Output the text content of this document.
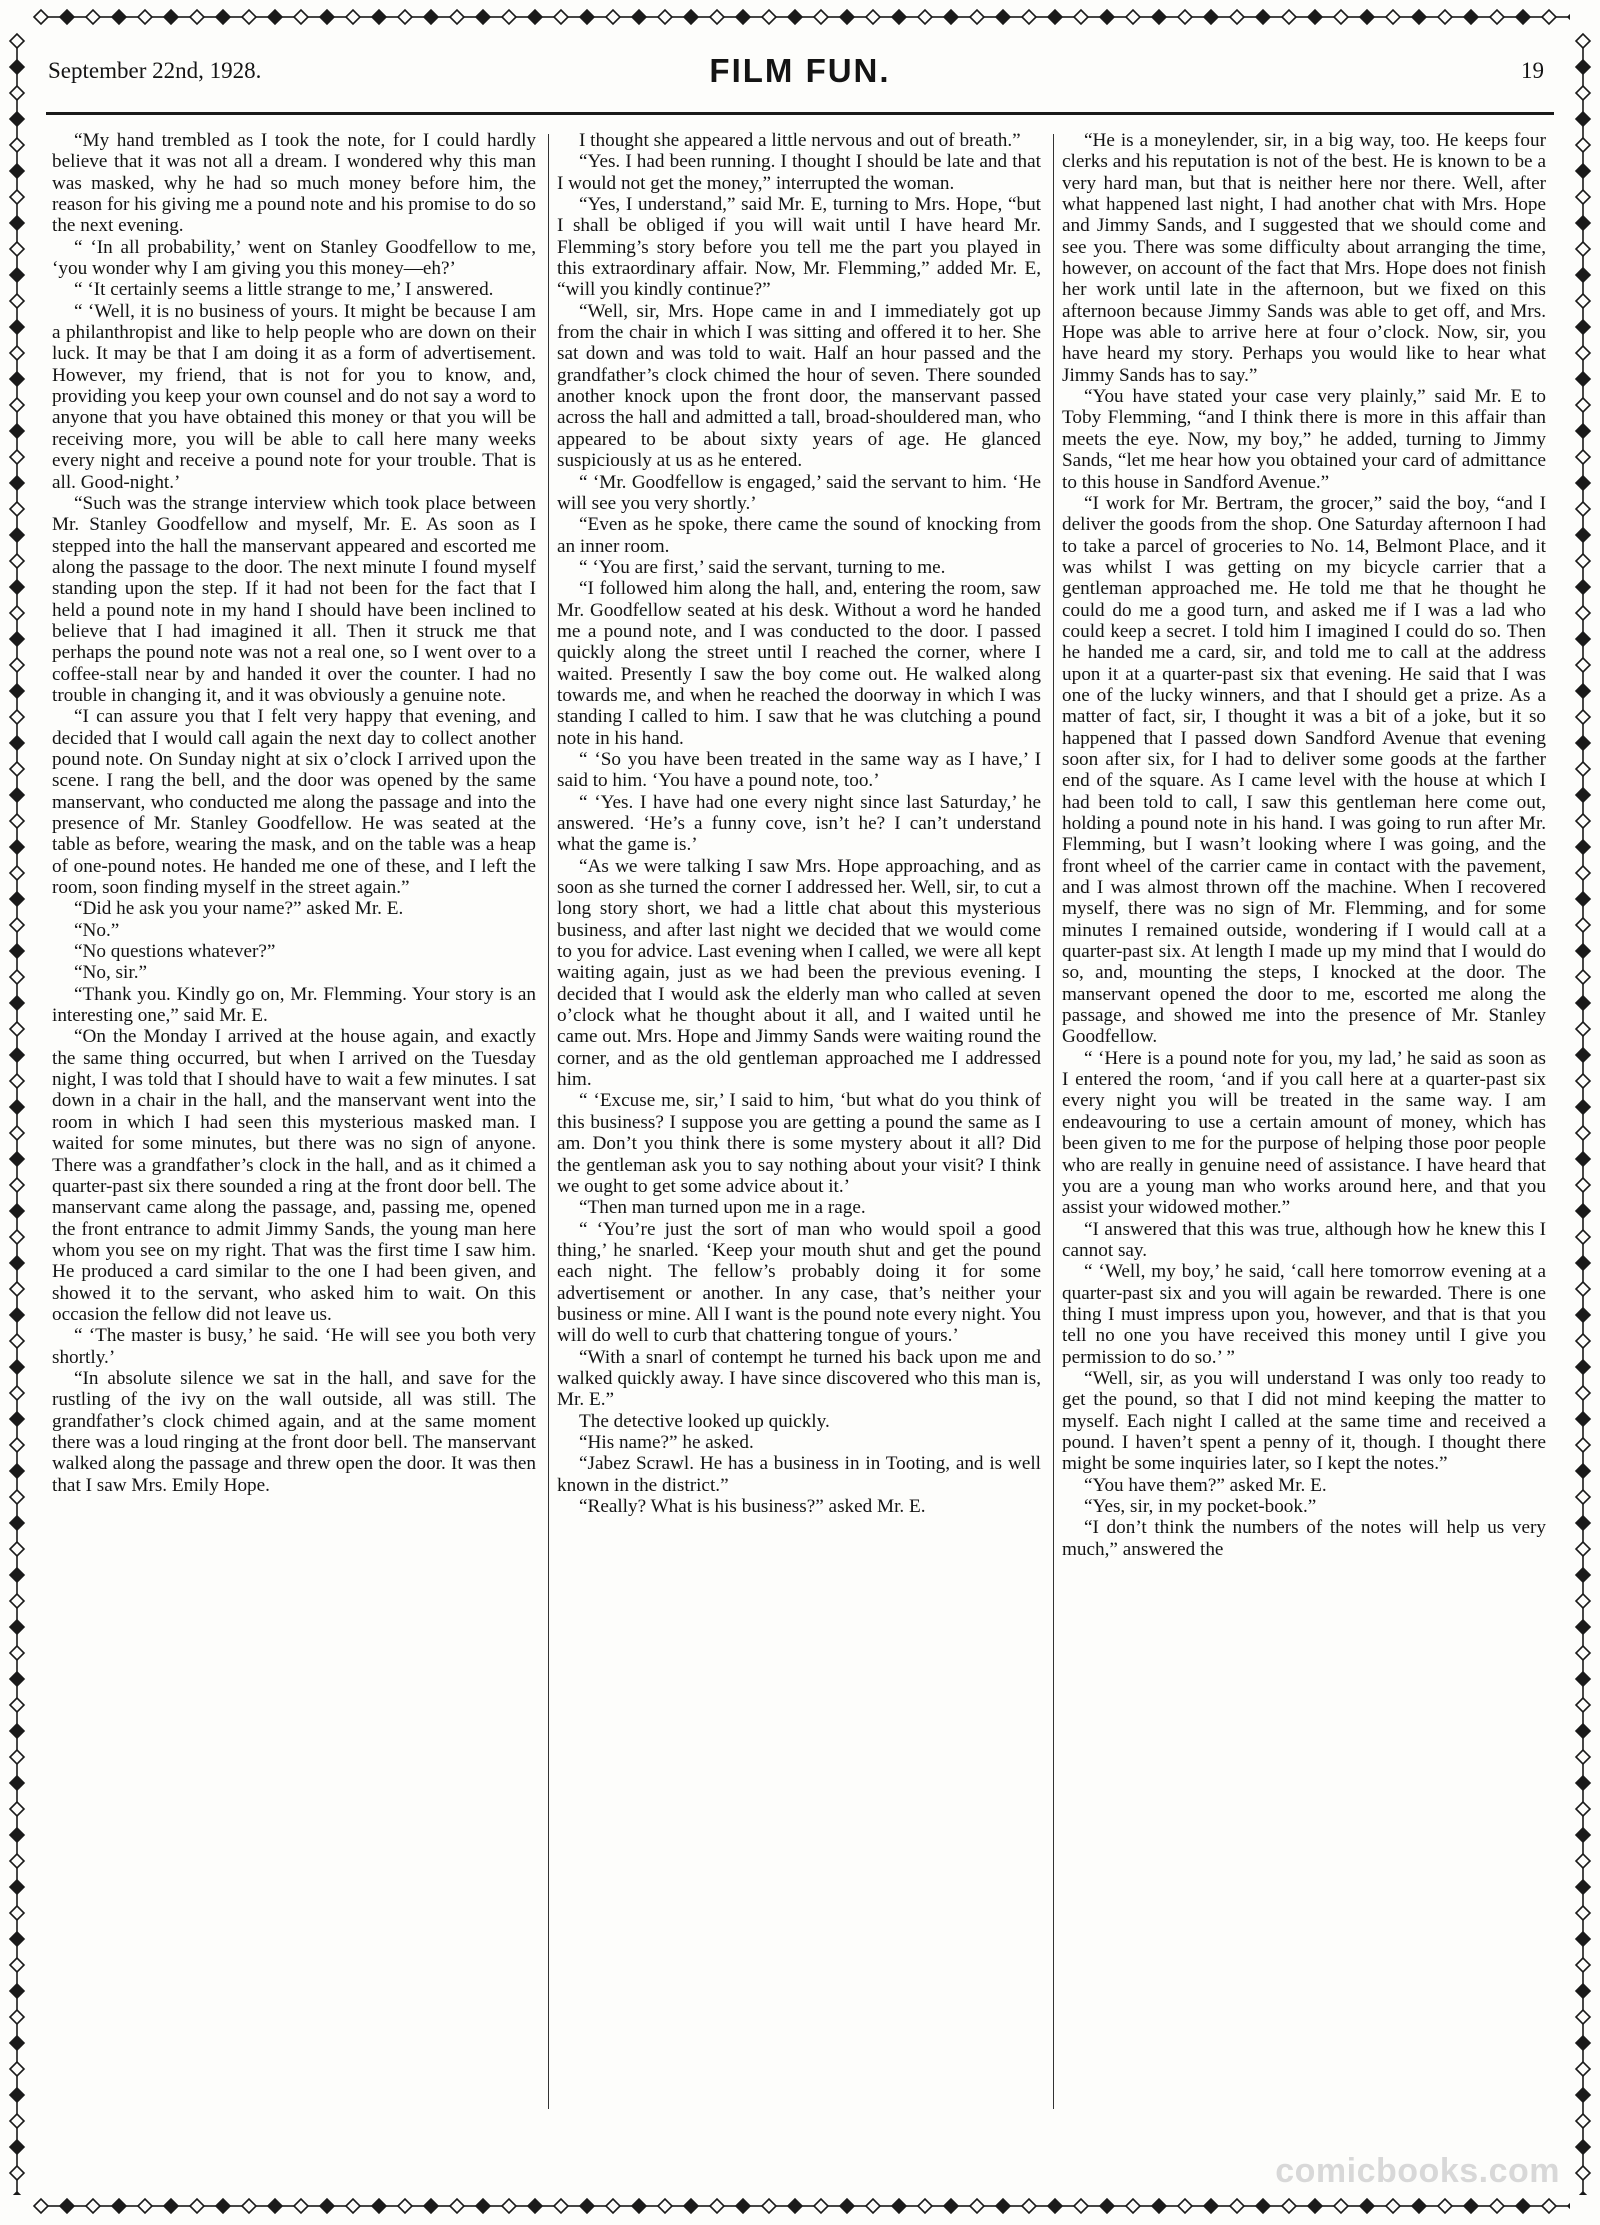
September 22nd, 1928.	FILM FUN.	19

“My hand trembled as I took the note, for I could hardly believe that it was not all a dream. I wondered why this man was masked, why he had so much money before him, the reason for his giving me a pound note and his promise to do so the next evening.

“ ‘In all probability,’ went on Stanley Goodfellow to me, ‘you wonder why I am giving you this money—eh?’

“ ‘It certainly seems a little strange to me,’ I answered.

“ ‘Well, it is no business of yours. It might be because I am a philanthropist and like to help people who are down on their luck. It may be that I am doing it as a form of advertisement. However, my friend, that is not for you to know, and, providing you keep your own counsel and do not say a word to anyone that you have obtained this money or that you will be receiving more, you will be able to call here many weeks every night and receive a pound note for your trouble. That is all. Good-night.’

“Such was the strange interview which took place between Mr. Stanley Goodfellow and myself, Mr. E. As soon as I stepped into the hall the manservant appeared and escorted me along the passage to the door. The next minute I found myself standing upon the step. If it had not been for the fact that I held a pound note in my hand I should have been inclined to believe that I had imagined it all. Then it struck me that perhaps the pound note was not a real one, so I went over to a coffee-stall near by and handed it over the counter. I had no trouble in changing it, and it was obviously a genuine note.

“I can assure you that I felt very happy that evening, and decided that I would call again the next day to collect another pound note. On Sunday night at six o’clock I arrived upon the scene. I rang the bell, and the door was opened by the same manservant, who conducted me along the passage and into the presence of Mr. Stanley Goodfellow. He was seated at the table as before, wearing the mask, and on the table was a heap of one-pound notes. He handed me one of these, and I left the room, soon finding myself in the street again.”

“Did he ask you your name?” asked Mr. E.

“No.”

“No questions whatever?”

“No, sir.”

“Thank you. Kindly go on, Mr. Flemming. Your story is an interesting one,” said Mr. E.

“On the Monday I arrived at the house again, and exactly the same thing occurred, but when I arrived on the Tuesday night, I was told that I should have to wait a few minutes. I sat down in a chair in the hall, and the manservant went into the room in which I had seen this mysterious masked man. I waited for some minutes, but there was no sign of anyone. There was a grandfather’s clock in the hall, and as it chimed a quarter-past six there sounded a ring at the front door bell. The manservant came along the passage, and, passing me, opened the front entrance to admit Jimmy Sands, the young man here whom you see on my right. That was the first time I saw him. He produced a card similar to the one I had been given, and showed it to the servant, who asked him to wait. On this occasion the fellow did not leave us.

“ ‘The master is busy,’ he said. ‘He will see you both very shortly.’

“In absolute silence we sat in the hall, and save for the rustling of the ivy on the wall outside, all was still. The grandfather’s clock chimed again, and at the same moment there was a loud ringing at the front door bell. The manservant walked along the passage and threw open the door. It was then that I saw Mrs. Emily Hope.

I thought she appeared a little nervous and out of breath.”

“Yes. I had been running. I thought I should be late and that I would not get the money,” interrupted the woman.

“Yes, I understand,” said Mr. E, turning to Mrs. Hope, “but I shall be obliged if you will wait until I have heard Mr. Flemming’s story before you tell me the part you played in this extraordinary affair. Now, Mr. Flemming,” added Mr. E, “will you kindly continue?”

“Well, sir, Mrs. Hope came in and I immediately got up from the chair in which I was sitting and offered it to her. She sat down and was told to wait. Half an hour passed and the grandfather’s clock chimed the hour of seven. There sounded another knock upon the front door, the manservant passed across the hall and admitted a tall, broad-shouldered man, who appeared to be about sixty years of age. He glanced suspiciously at us as he entered.

“ ‘Mr. Goodfellow is engaged,’ said the servant to him. ‘He will see you very shortly.’

“Even as he spoke, there came the sound of knocking from an inner room.

“ ‘You are first,’ said the servant, turning to me.

“I followed him along the hall, and, entering the room, saw Mr. Goodfellow seated at his desk. Without a word he handed me a pound note, and I was conducted to the door. I passed quickly along the street until I reached the corner, where I waited. Presently I saw the boy come out. He walked along towards me, and when he reached the doorway in which I was standing I called to him. I saw that he was clutching a pound note in his hand.

“ ‘So you have been treated in the same way as I have,’ I said to him. ‘You have a pound note, too.’

“ ‘Yes. I have had one every night since last Saturday,’ he answered. ‘He’s a funny cove, isn’t he? I can’t understand what the game is.’

“As we were talking I saw Mrs. Hope approaching, and as soon as she turned the corner I addressed her. Well, sir, to cut a long story short, we had a little chat about this mysterious business, and after last night we decided that we would come to you for advice. Last evening when I called, we were all kept waiting again, just as we had been the previous evening. I decided that I would ask the elderly man who called at seven o’clock what he thought about it all, and I waited until he came out. Mrs. Hope and Jimmy Sands were waiting round the corner, and as the old gentleman approached me I addressed him.

“ ‘Excuse me, sir,’ I said to him, ‘but what do you think of this business? I suppose you are getting a pound the same as I am. Don’t you think there is some mystery about it all? Did the gentleman ask you to say nothing about your visit? I think we ought to get some advice about it.’

“Then man turned upon me in a rage.

“ ‘You’re just the sort of man who would spoil a good thing,’ he snarled. ‘Keep your mouth shut and get the pound each night. The fellow’s probably doing it for some advertisement or another. In any case, that’s neither your business or mine. All I want is the pound note every night. You will do well to curb that chattering tongue of yours.’

“With a snarl of contempt he turned his back upon me and walked quickly away. I have since discovered who this man is, Mr. E.”

The detective looked up quickly.

“His name?” he asked.

“Jabez Scrawl. He has a business in in Tooting, and is well known in the district.”

“Really? What is his business?” asked Mr. E.

“He is a moneylender, sir, in a big way, too. He keeps four clerks and his reputation is not of the best. He is known to be a very hard man, but that is neither here nor there. Well, after what happened last night, I had another chat with Mrs. Hope and Jimmy Sands, and I suggested that we should come and see you. There was some difficulty about arranging the time, however, on account of the fact that Mrs. Hope does not finish her work until late in the afternoon, but we fixed on this afternoon because Jimmy Sands was able to get off, and Mrs. Hope was able to arrive here at four o’clock. Now, sir, you have heard my story. Perhaps you would like to hear what Jimmy Sands has to say.”

“You have stated your case very plainly,” said Mr. E to Toby Flemming, “and I think there is more in this affair than meets the eye. Now, my boy,” he added, turning to Jimmy Sands, “let me hear how you obtained your card of admittance to this house in Sandford Avenue.”

“I work for Mr. Bertram, the grocer,” said the boy, “and I deliver the goods from the shop. One Saturday afternoon I had to take a parcel of groceries to No. 14, Belmont Place, and it was whilst I was getting on my bicycle carrier that a gentleman approached me. He told me that he thought he could do me a good turn, and asked me if I was a lad who could keep a secret. I told him I imagined I could do so. Then he handed me a card, sir, and told me to call at the address upon it at a quarter-past six that evening. He said that I was one of the lucky winners, and that I should get a prize. As a matter of fact, sir, I thought it was a bit of a joke, but it so happened that I passed down Sandford Avenue that evening soon after six, for I had to deliver some goods at the farther end of the square. As I came level with the house at which I had been told to call, I saw this gentleman here come out, holding a pound note in his hand. I was going to run after Mr. Flemming, but I wasn’t looking where I was going, and the front wheel of the carrier came in contact with the pavement, and I was almost thrown off the machine. When I recovered myself, there was no sign of Mr. Flemming, and for some minutes I remained outside, wondering if I would call at a quarter-past six. At length I made up my mind that I would do so, and, mounting the steps, I knocked at the door. The manservant opened the door to me, escorted me along the passage, and showed me into the presence of Mr. Stanley Goodfellow.

“ ‘Here is a pound note for you, my lad,’ he said as soon as I entered the room, ‘and if you call here at a quarter-past six every night you will be treated in the same way. I am endeavouring to use a certain amount of money, which has been given to me for the purpose of helping those poor people who are really in genuine need of assistance. I have heard that you are a young man who works around here, and that you assist your widowed mother.”

“I answered that this was true, although how he knew this I cannot say.

“ ‘Well, my boy,’ he said, ‘call here tomorrow evening at a quarter-past six and you will again be rewarded. There is one thing I must impress upon you, however, and that is that you tell no one you have received this money until I give you permission to do so.’ ”

“Well, sir, as you will understand I was only too ready to get the pound, so that I did not mind keeping the matter to myself. Each night I called at the same time and received a pound. I haven’t spent a penny of it, though. I thought there might be some inquiries later, so I kept the notes.”

“You have them?” asked Mr. E.

“Yes, sir, in my pocket-book.”

“I don’t think the numbers of the notes will help us very much,” answered the

comicbooks.com
